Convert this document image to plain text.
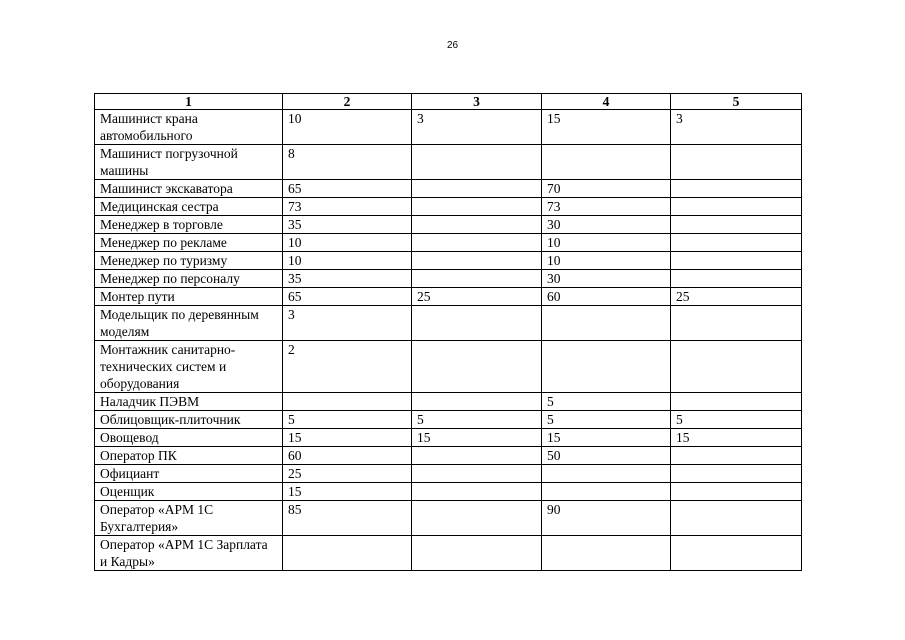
26
1	2	3	4	5
Машинист крана автомобильного	10	3	15	3
Машинист погрузочной машины	8			
Машинист экскаватора	65		70	
Медицинская сестра	73		73	
Менеджер в торговле	35		30	
Менеджер по рекламе	10		10	
Менеджер по туризму	10		10	
Менеджер по персоналу	35		30	
Монтер пути	65	25	60	25
Модельщик по деревянным моделям	3			
Монтажник санитарно-технических систем и оборудования	2			
Наладчик ПЭВМ			5	
Облицовщик-плиточник	5	5	5	5
Овощевод	15	15	15	15
Оператор ПК	60		50	
Официант	25			
Оценщик	15			
Оператор «АРМ 1С Бухгалтерия»	85		90	
Оператор «АРМ 1С Зарплата и Кадры»				
